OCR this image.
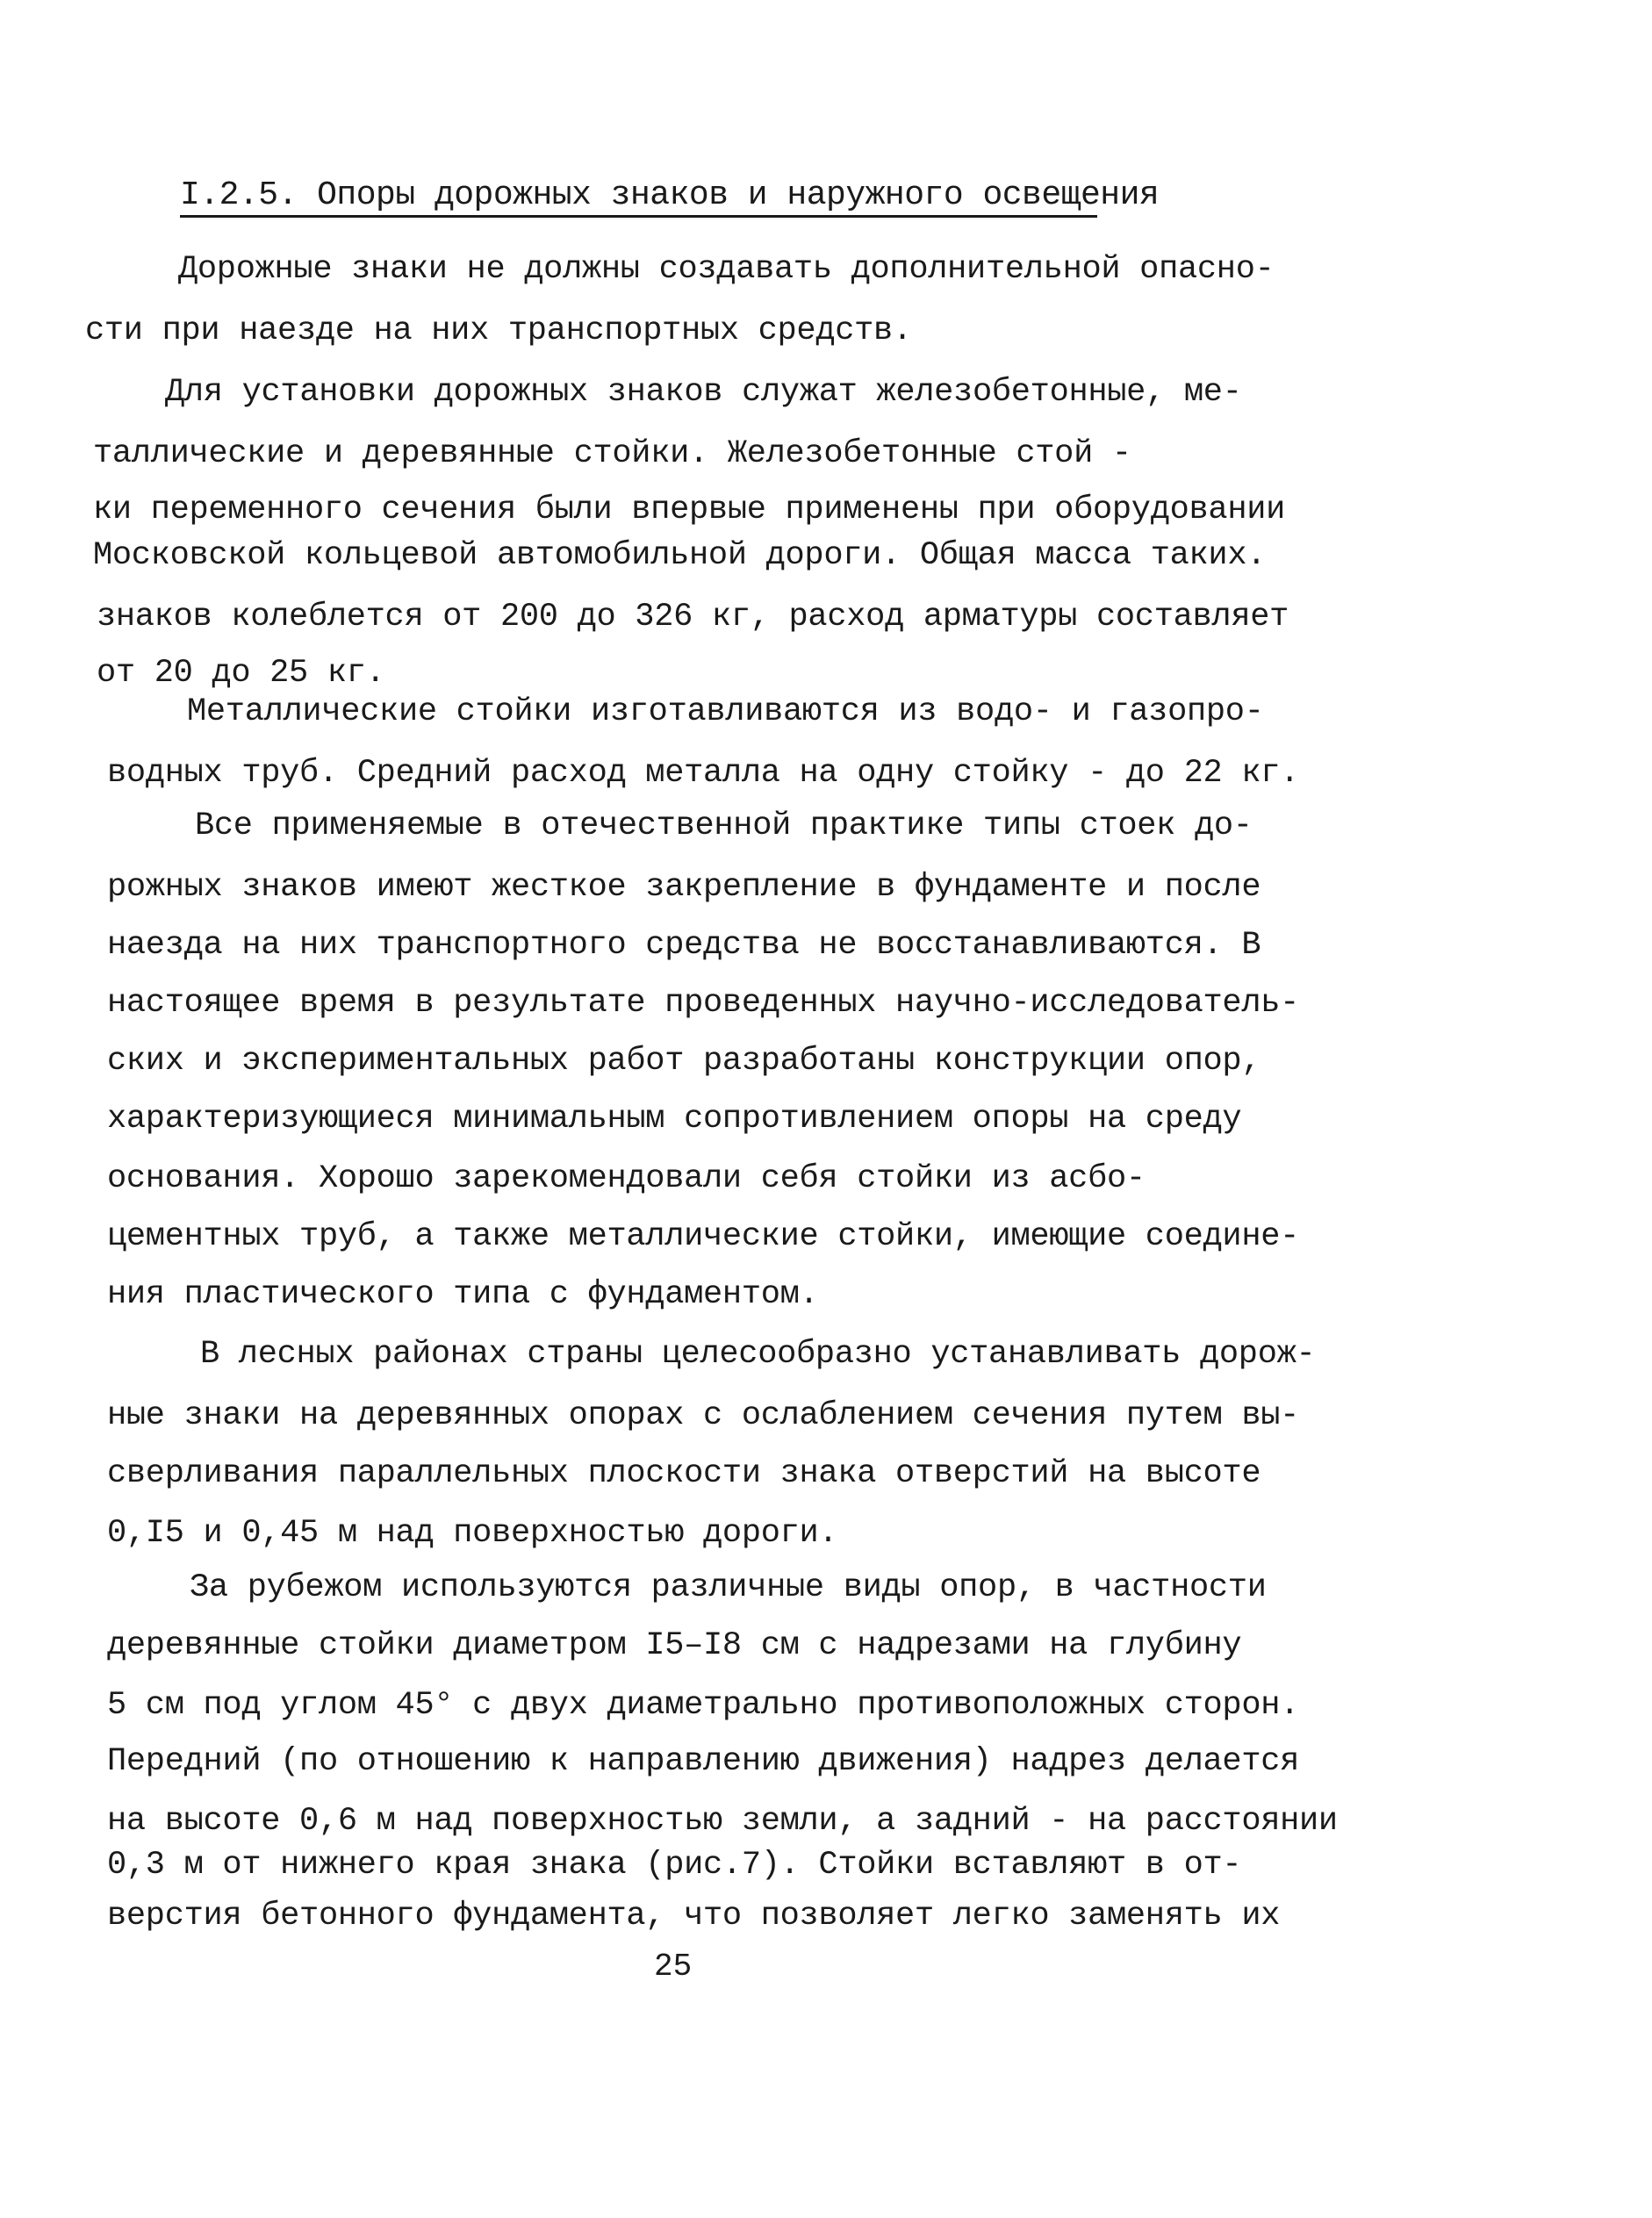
I.2.5. Опоры дорожных знаков и наружного освещения
Дорожные знаки не должны создавать дополнительной опасно-
сти при наезде на них транспортных средств.
Для установки дорожных знаков служат железобетонные, ме-
таллические и деревянные стойки. Железобетонные стой -
ки переменного сечения были впервые применены при оборудовании
Московской кольцевой автомобильной дороги. Общая масса таких.
знаков колеблется от 200 до 326 кг, расход арматуры составляет
от 20 до 25 кг.
Металлические стойки изготавливаются из водо- и газопро-
водных труб. Средний расход металла на одну стойку - до 22 кг.
Все применяемые в отечественной практике типы стоек до-
рожных знаков имеют жесткое закрепление в фундаменте и после
наезда на них транспортного средства не восстанавливаются. В
настоящее время в результате проведенных научно-исследователь-
ских и экспериментальных работ разработаны конструкции опор,
характеризующиеся минимальным сопротивлением опоры на среду
основания. Хорошо зарекомендовали себя стойки из асбо-
цементных труб, а также металлические стойки, имеющие соедине-
ния пластического типа с фундаментом.
В лесных районах страны целесообразно устанавливать дорож-
ные знаки на деревянных опорах с ослаблением сечения путем вы-
сверливания параллельных плоскости знака отверстий на высоте
0,I5 и 0,45 м над поверхностью дороги.
За рубежом используются различные виды опор, в частности
деревянные стойки диаметром I5–I8 см с надрезами на глубину
5 см под углом 45° с двух диаметрально противоположных сторон.
Передний (по отношению к направлению движения) надрез делается
на высоте 0,6 м над поверхностью земли, а задний - на расстоянии
0,3 м от нижнего края знака (рис.7). Стойки вставляют в от-
верстия бетонного фундамента, что позволяет легко заменять их
25
